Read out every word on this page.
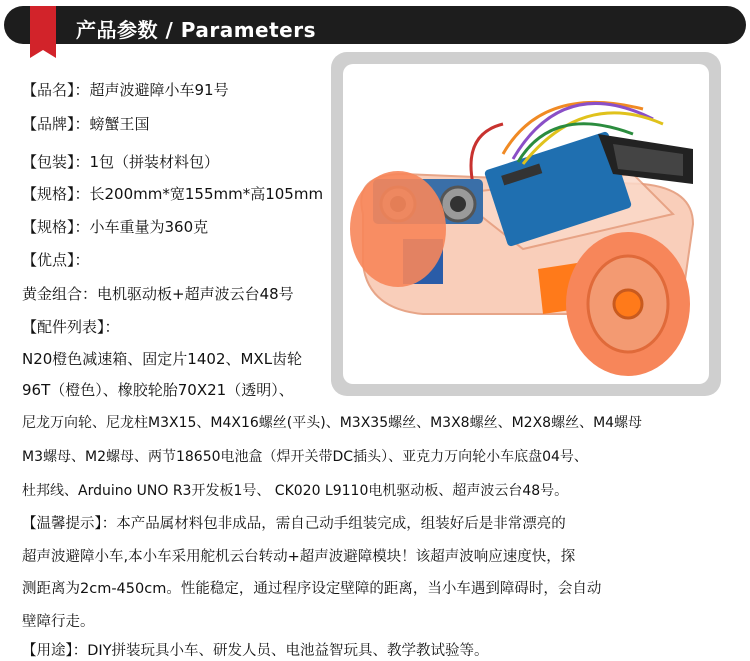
产品参数 / Parameters
【品名】：超声波避障小车91号
【品牌】：螃蟹王国
【包装】：1包（拼装材料包）
【规格】：长200mm*宽155mm*高105mm
【规格】：小车重量为360克
【优点】：
黄金组合：电机驱动板+超声波云台48号
【配件列表】：
N20橙色减速箱、固定片1402、MXL齿轮
96T（橙色）、橡胶轮胎70X21（透明）、
尼龙万向轮、尼龙柱M3X15、M4X16螺丝(平头)、M3X35螺丝、M3X8螺丝、M2X8螺丝、M4螺母
M3螺母、M2螺母、两节18650电池盒（焊开关带DC插头）、亚克力万向轮小车底盘04号、
杜邦线、Arduino UNO R3开发板1号、 CK020 L9110电机驱动板、超声波云台48号。
【温馨提示】：本产品属材料包非成品，需自己动手组装完成，组装好后是非常漂亮的
超声波避障小车,本小车采用舵机云台转动+超声波避障模块！该超声波响应速度快，探
测距离为2cm-450cm。性能稳定，通过程序设定壁障的距离，当小车遇到障碍时，会自动
壁障行走。
【用途】：DIY拼装玩具小车、研发人员、电池益智玩具、教学教试验等。
